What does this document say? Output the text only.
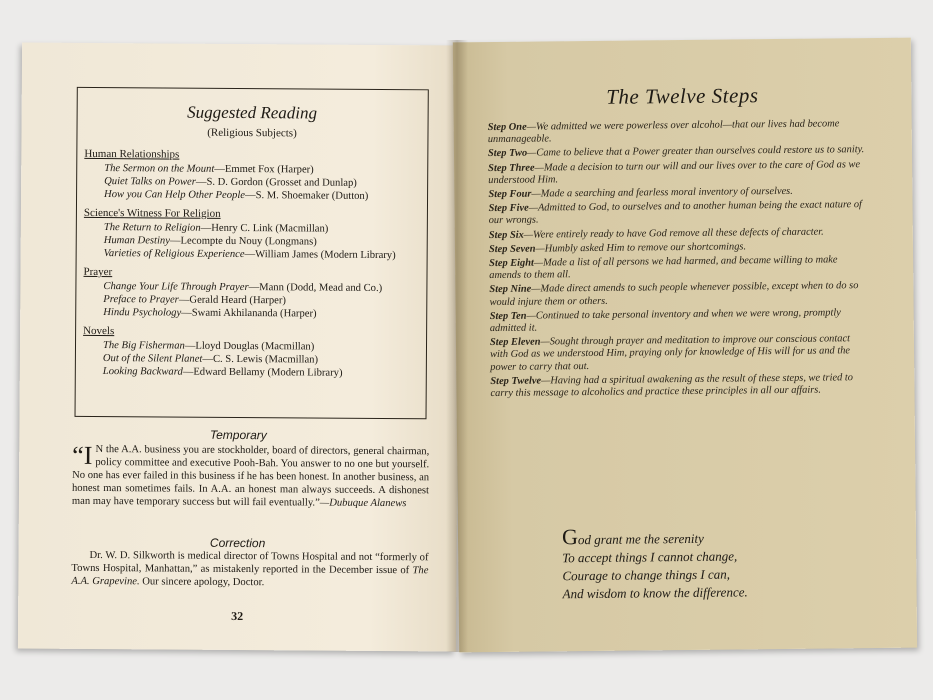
Suggested Reading
(Religious Subjects)
Human Relationships
The Sermon on the Mount—Emmet Fox (Harper)
Quiet Talks on Power—S. D. Gordon (Grosset and Dunlap)
How you Can Help Other People—S. M. Shoemaker (Dutton)
Science's Witness For Religion
The Return to Religion—Henry C. Link (Macmillan)
Human Destiny—Lecompte du Nouy (Longmans)
Varieties of Religious Experience—William James (Modern Library)
Prayer
Change Your Life Through Prayer—Mann (Dodd, Mead and Co.)
Preface to Prayer—Gerald Heard (Harper)
Hindu Psychology—Swami Akhilananda (Harper)
Novels
The Big Fisherman—Lloyd Douglas (Macmillan)
Out of the Silent Planet—C. S. Lewis (Macmillan)
Looking Backward—Edward Bellamy (Modern Library)
Temporary
“I N the A.A. business you are stockholder, board of directors, general chairman, policy committee and executive Pooh-Bah. You answer to no one but yourself. No one has ever failed in this business if he has been honest. In another business, an honest man sometimes fails. In A.A. an honest man always succeeds. A dishonest man may have temporary success but will fail eventually.”—Dubuque Alanews
Correction
Dr. W. D. Silkworth is medical director of Towns Hospital and not “formerly of Towns Hospital, Manhattan,” as mistakenly reported in the December issue of The A.A. Grapevine. Our sincere apology, Doctor.
32
The Twelve Steps
Step One—We admitted we were powerless over alcohol—that our lives had become unmanageable.
Step Two—Came to believe that a Power greater than ourselves could restore us to sanity.
Step Three—Made a decision to turn our will and our lives over to the care of God as we understood Him.
Step Four—Made a searching and fearless moral inventory of ourselves.
Step Five—Admitted to God, to ourselves and to another human being the exact nature of our wrongs.
Step Six—Were entirely ready to have God remove all these defects of character.
Step Seven—Humbly asked Him to remove our shortcomings.
Step Eight—Made a list of all persons we had harmed, and became willing to make amends to them all.
Step Nine—Made direct amends to such people whenever possible, except when to do so would injure them or others.
Step Ten—Continued to take personal inventory and when we were wrong, promptly admitted it.
Step Eleven—Sought through prayer and meditation to improve our conscious contact with God as we understood Him, praying only for knowledge of His will for us and the power to carry that out.
Step Twelve—Having had a spiritual awakening as the result of these steps, we tried to carry this message to alcoholics and practice these principles in all our affairs.
God grant me the serenity
To accept things I cannot change,
Courage to change things I can,
And wisdom to know the difference.
